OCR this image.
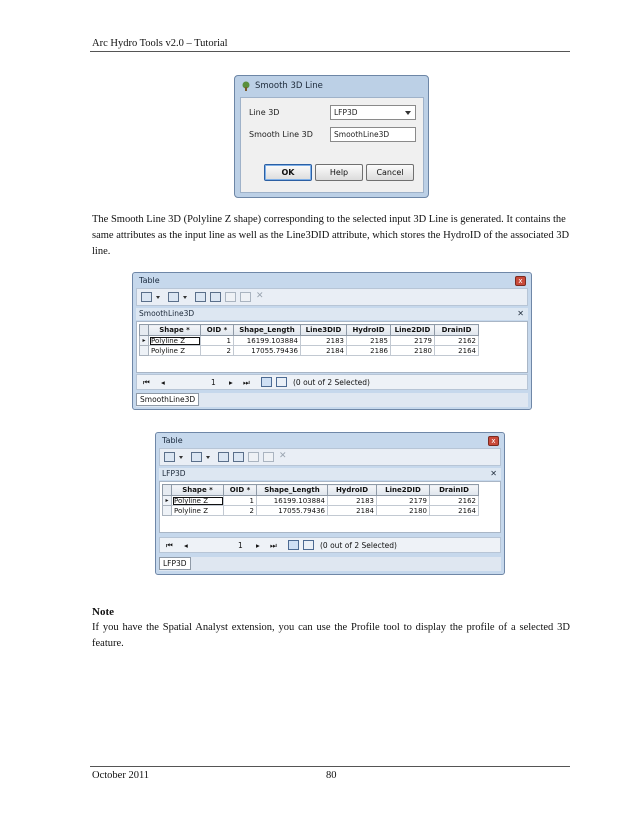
Arc Hydro Tools v2.0 – Tutorial
Smooth 3D Line
Line 3D	LFP3D
Smooth Line 3D	SmoothLine3D
OK	Help	Cancel
The Smooth Line 3D (Polyline Z shape) corresponding to the selected input 3D Line is generated. It contains the same attributes as the input line as well as the Line3DID attribute, which stores the HydroID of the associated 3D line.
Table	x
✕
SmoothLine3D	✕
	Shape *	OID *	Shape_Length	Line3DID	HydroID	Line2DID	DrainID
▸	Polyline Z	1	16199.103884	2183	2185	2179	2162
	Polyline Z	2	17055.79436	2184	2186	2180	2164
⏮ ◂	1 ▸ ⏭	(0 out of 2 Selected)
SmoothLine3D
Table	x
✕
LFP3D	✕
	Shape *	OID *	Shape_Length	HydroID	Line2DID	DrainID
▸	Polyline Z	1	16199.103884	2183	2179	2162
	Polyline Z	2	17055.79436	2184	2180	2164
⏮ ◂	1 ▸ ⏭	(0 out of 2 Selected)
LFP3D
Note
If you have the Spatial Analyst extension, you can use the Profile tool to display the profile of a selected 3D feature.
October 2011	80
